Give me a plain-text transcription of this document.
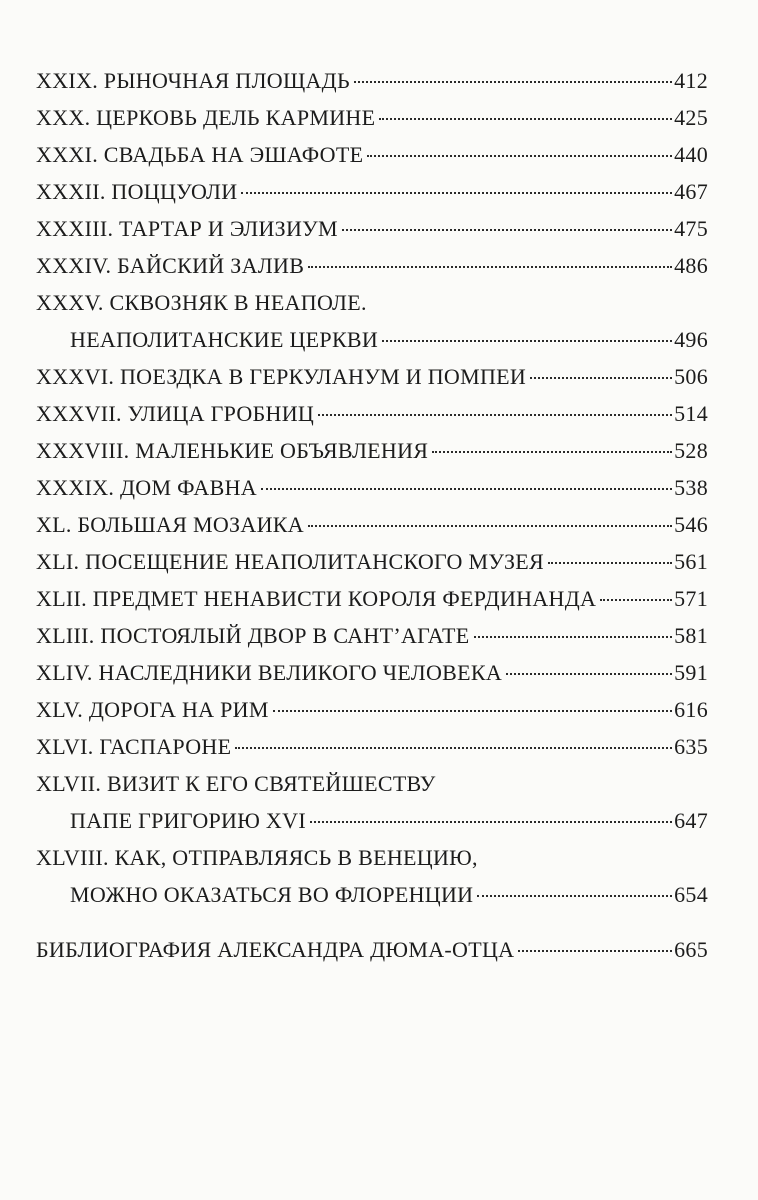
XXIX. РЫНОЧНАЯ ПЛОЩАДЬ	412
XXX. ЦЕРКОВЬ ДЕЛЬ КАРМИНЕ	425
XXXI. СВАДЬБА НА ЭШАФОТЕ	440
XXXII. ПОЦЦУОЛИ	467
XXXIII. ТАРТАР И ЭЛИЗИУМ	475
XXXIV. БАЙСКИЙ ЗАЛИВ	486
XXXV. СКВОЗНЯК В НЕАПОЛЕ.
НЕАПОЛИТАНСКИЕ ЦЕРКВИ	496
XXXVI. ПОЕЗДКА В ГЕРКУЛАНУМ И ПОМПЕИ	506
XXXVII. УЛИЦА ГРОБНИЦ	514
XXXVIII. МАЛЕНЬКИЕ ОБЪЯВЛЕНИЯ	528
XXXIX. ДОМ ФАВНА	538
XL. БОЛЬШАЯ МОЗАИКА	546
XLI. ПОСЕЩЕНИЕ НЕАПОЛИТАНСКОГО МУЗЕЯ	561
XLII. ПРЕДМЕТ НЕНАВИСТИ КОРОЛЯ ФЕРДИНАНДА	571
XLIII. ПОСТОЯЛЫЙ ДВОР В САНТ’АГАТЕ	581
XLIV. НАСЛЕДНИКИ ВЕЛИКОГО ЧЕЛОВЕКА	591
XLV. ДОРОГА НА РИМ	616
XLVI. ГАСПАРОНЕ	635
XLVII. ВИЗИТ К ЕГО СВЯТЕЙШЕСТВУ
ПАПЕ ГРИГОРИЮ XVI	647
XLVIII. КАК, ОТПРАВЛЯЯСЬ В ВЕНЕЦИЮ,
МОЖНО ОКАЗАТЬСЯ ВО ФЛОРЕНЦИИ	654
БИБЛИОГРАФИЯ АЛЕКСАНДРА ДЮМА-ОТЦА	665
